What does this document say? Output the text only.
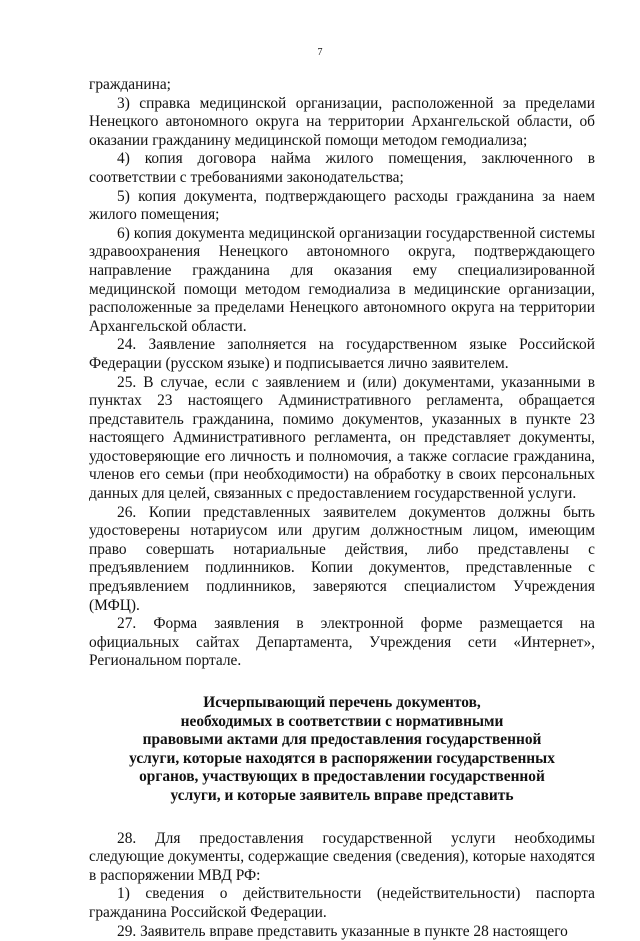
7

гражданина;

3) справка медицинской организации, расположенной за пределами Ненецкого автономного округа на территории Архангельской области, об оказании гражданину медицинской помощи методом гемодиализа;

4) копия договора найма жилого помещения, заключенного в соответствии с требованиями законодательства;

5) копия документа, подтверждающего расходы гражданина за наем жилого помещения;

6) копия документа медицинской организации государственной системы здравоохранения Ненецкого автономного округа, подтверждающего направление гражданина для оказания ему специализированной медицинской помощи методом гемодиализа в медицинские организации, расположенные за пределами Ненецкого автономного округа на территории Архангельской области.

24. Заявление заполняется на государственном языке Российской Федерации (русском языке) и подписывается лично заявителем.

25. В случае, если с заявлением и (или) документами, указанными в пунктах 23 настоящего Административного регламента, обращается представитель гражданина, помимо документов, указанных в пункте 23 настоящего Административного регламента, он представляет документы, удостоверяющие его личность и полномочия, а также согласие гражданина, членов его семьи (при необходимости) на обработку в своих персональных данных для целей, связанных с предоставлением государственной услуги.

26. Копии представленных заявителем документов должны быть удостоверены нотариусом или другим должностным лицом, имеющим право совершать нотариальные действия, либо представлены с предъявлением подлинников. Копии документов, представленные с предъявлением подлинников, заверяются специалистом Учреждения (МФЦ).

27. Форма заявления в электронной форме размещается на официальных сайтах Департамента, Учреждения сети «Интернет», Региональном портале.

Исчерпывающий перечень документов,
необходимых в соответствии с нормативными
правовыми актами для предоставления государственной
услуги, которые находятся в распоряжении государственных
органов, участвующих в предоставлении государственной
услуги, и которые заявитель вправе представить

28. Для предоставления государственной услуги необходимы следующие документы, содержащие сведения (сведения), которые находятся в распоряжении МВД РФ:

1) сведения о действительности (недействительности) паспорта гражданина Российской Федерации.

29. Заявитель вправе представить указанные в пункте 28 настоящего
